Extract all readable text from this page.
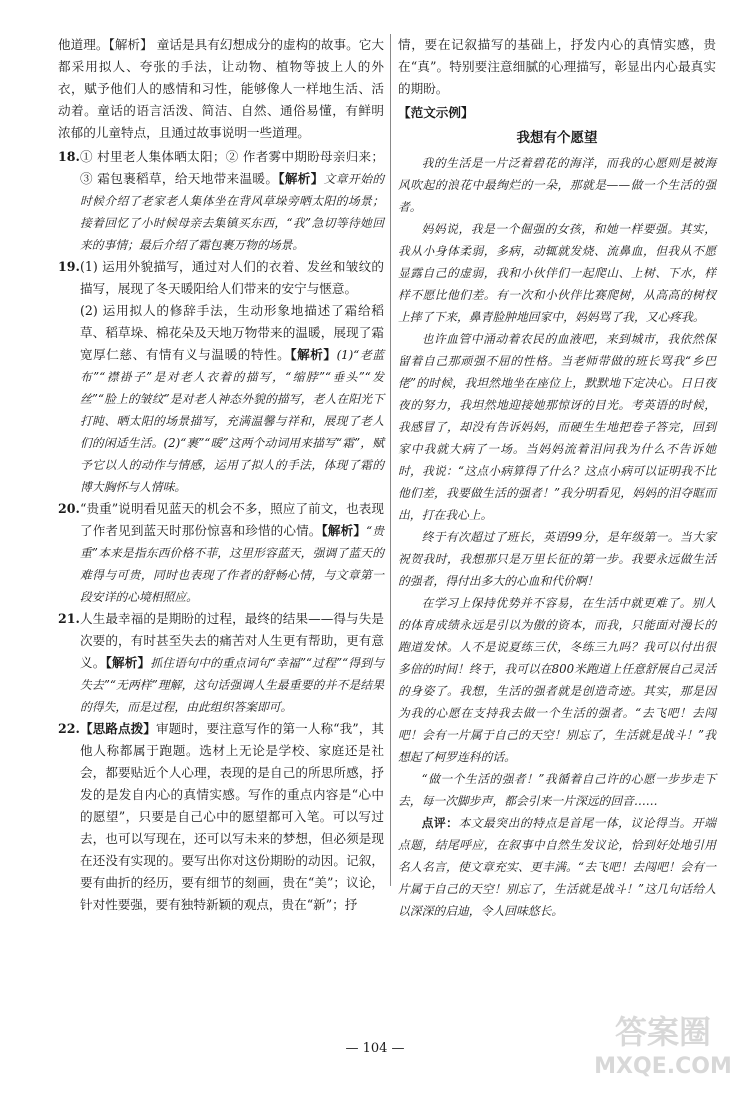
他道理。【解析】 童话是具有幻想成分的虚构的故事。它大都采用拟人、夸张的手法，让动物、植物等披上人的外衣，赋予他们人的感情和习性，能够像人一样地生活、活动着。童话的语言活泼、简洁、自然、通俗易懂，有鲜明浓郁的儿童特点，且通过故事说明一些道理。

18. ① 村里老人集体晒太阳；② 作者雾中期盼母亲归来；③ 霜包裹稻草，给天地带来温暖。【解析】文章开始的时候介绍了老家老人集体坐在背风草垛旁晒太阳的场景；接着回忆了小时候母亲去集镇买东西，“我”急切等待她回来的事情；最后介绍了霜包裹万物的场景。
19. (1) 运用外貌描写，通过对人们的衣着、发丝和皱纹的描写，展现了冬天暖阳给人们带来的安宁与惬意。

(2) 运用拟人的修辞手法，生动形象地描述了霜给稻草、稻草垛、棉花朵及天地万物带来的温暖，展现了霜宽厚仁慈、有情有义与温暖的特性。【解析】(1)“老蓝布”“襟褂子”是对老人衣着的描写，“缩脖”“垂头”“发丝”“脸上的皱纹”是对老人神态外貌的描写，老人在阳光下打盹、晒太阳的场景描写，充满温馨与祥和，展现了老人们的闲适生活。(2)“裹”“暖”这两个动词用来描写“霜”，赋予它以人的动作与情感，运用了拟人的手法，体现了霜的博大胸怀与人情味。

20. “贵重”说明看见蓝天的机会不多，照应了前文，也表现了作者见到蓝天时那份惊喜和珍惜的心情。【解析】“贵重”本来是指东西价格不菲，这里形容蓝天，强调了蓝天的难得与可贵，同时也表现了作者的舒畅心情，与文章第一段安详的心境相照应。
21. 人生最幸福的是期盼的过程，最终的结果——得与失是次要的，有时甚至失去的痛苦对人生更有帮助，更有意义。【解析】抓住语句中的重点词句“幸福”“过程”“得到与失去”“无两样”理解，这句话强调人生最重要的并不是结果的得失，而是过程，由此组织答案即可。
22. 【思路点拨】审题时，要注意写作的第一人称“我”，其他人称都属于跑题。选材上无论是学校、家庭还是社会，都要贴近个人心理，表现的是自己的所思所感，抒发的是发自内心的真情实感。写作的重点内容是“心中的愿望”，只要是自己心中的愿望都可入笔。可以写过去，也可以写现在，还可以写未来的梦想，但必须是现在还没有实现的。要写出你对这份期盼的动因。记叙，要有曲折的经历，要有细节的刻画，贵在“美”；议论，针对性要强，要有独特新颖的观点，贵在“新”；抒

情，要在记叙描写的基础上，抒发内心的真情实感，贵在“真”。特别要注意细腻的心理描写，彰显出内心最真实的期盼。

【范文示例】

我想有个愿望

我的生活是一片泛着碧花的海洋，而我的心愿则是被海风吹起的浪花中最绚烂的一朵，那就是——做一个生活的强者。

妈妈说，我是一个倔强的女孩，和她一样要强。其实，我从小身体柔弱，多病，动辄就发烧、流鼻血，但我从不愿显露自己的虚弱，我和小伙伴们一起爬山、上树、下水，样样不愿比他们差。有一次和小伙伴比赛爬树，从高高的树杈上摔了下来，鼻青脸肿地回家中，妈妈骂了我，又心疼我。

也许血管中涌动着农民的血液吧，来到城市，我依然保留着自己那顽强不屈的性格。当老师带做的班长骂我“乡巴佬”的时候，我坦然地坐在座位上，默默地下定决心。日日夜夜的努力，我坦然地迎接她那惊讶的目光。考英语的时候，我感冒了，却没有告诉妈妈，而硬生生地把卷子答完，回到家中我就大病了一场。当妈妈流着泪问我为什么不告诉她时，我说：“这点小病算得了什么？这点小病可以证明我不比他们差，我要做生活的强者！”我分明看见，妈妈的泪夺眶而出，打在我心上。

终于有次超过了班长，英语99分，是年级第一。当大家祝贺我时，我想那只是万里长征的第一步。我要永远做生活的强者，得付出多大的心血和代价啊！

在学习上保持优势并不容易，在生活中就更难了。别人的体育成绩永远是引以为傲的资本，而我，只能面对漫长的跑道发怵。人不是说夏练三伏，冬练三九吗？我可以付出很多倍的时间！终于，我可以在800米跑道上任意舒展自己灵活的身姿了。我想，生活的强者就是创造奇迹。其实，那是因为我的心愿在支持我去做一个生活的强者。“去飞吧！去闯吧！会有一片属于自己的天空！别忘了，生活就是战斗！”我想起了柯罗连科的话。

“做一个生活的强者！”我循着自己许的心愿一步步走下去，每一次脚步声，都会引来一片深远的回音……

点评：本文最突出的特点是首尾一体，议论得当。开端点题，结尾呼应，在叙事中自然生发议论，恰到好处地引用名人名言，使文章充实、更丰满。“去飞吧！去闯吧！会有一片属于自己的天空！别忘了，生活就是战斗！”这几句话给人以深深的启迪，令人回味悠长。

— 104 —	答案圈
MXQE.COM
